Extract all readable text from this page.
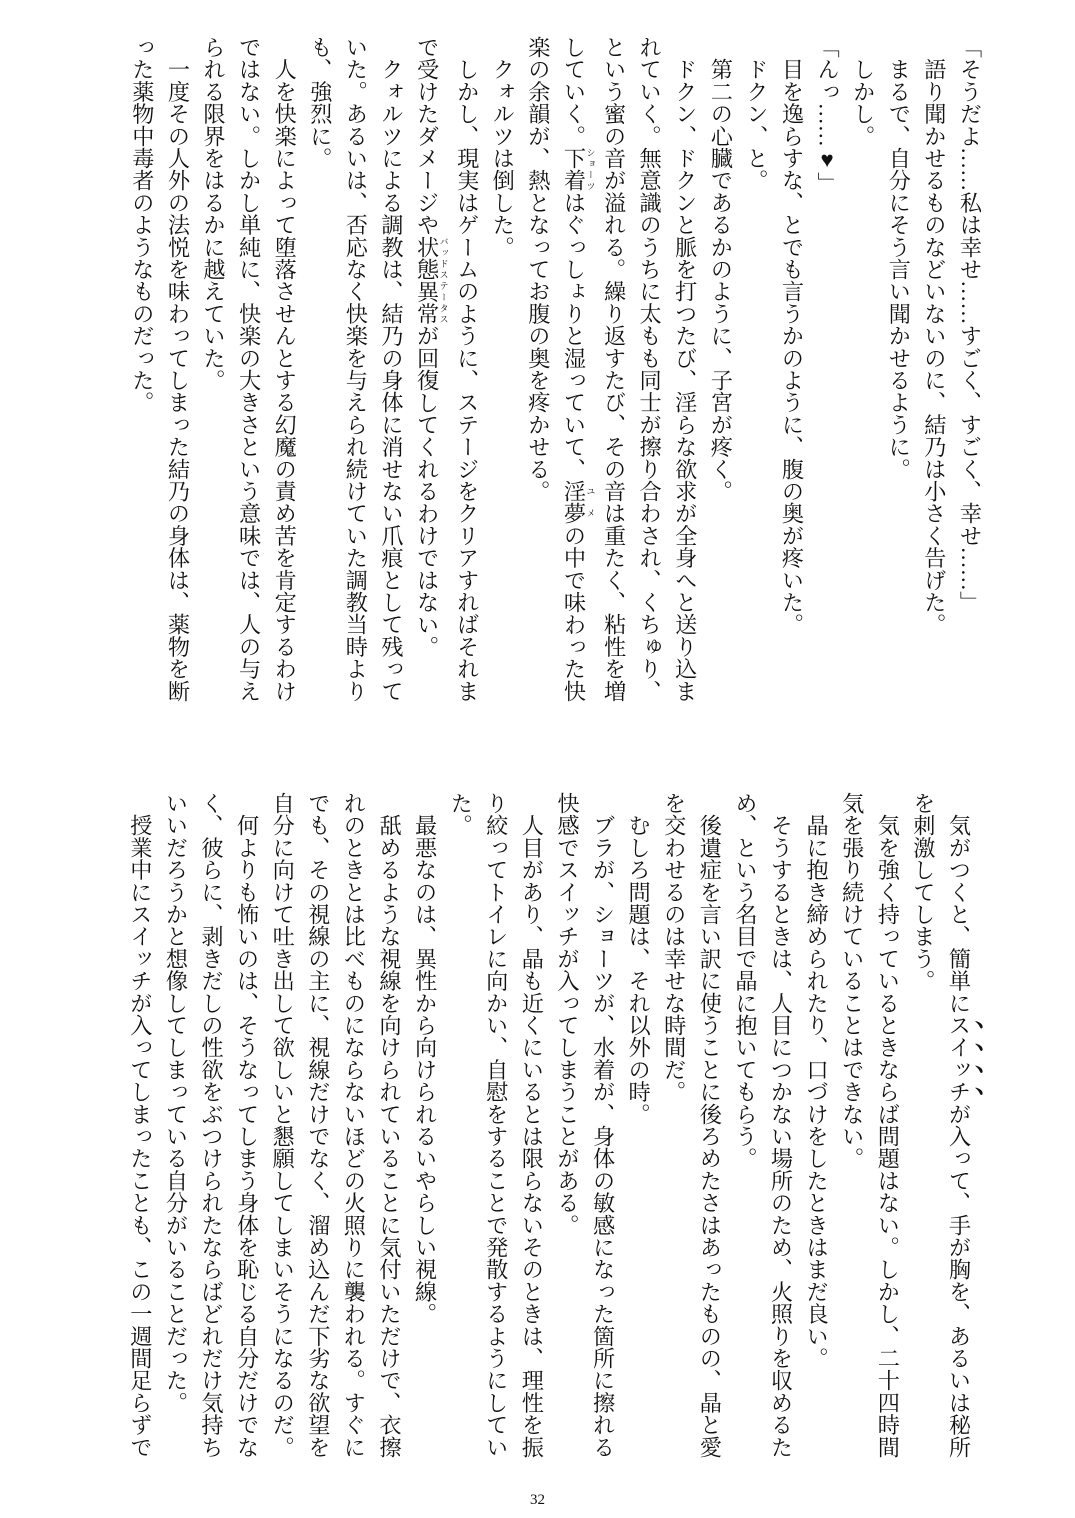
「そうだよ……私は幸せ……すごく、すごく、幸せ……」
　語り聞かせるものなどいないのに、結乃は小さく告げた。
　まるで、自分にそう言い聞かせるように。
　しかし。
「んっ……♥」
　目を逸らすな、とでも言うかのように、腹の奥が疼いた。
　ドクン、と。
　第二の心臓であるかのように、子宮が疼く。
　ドクン、ドクンと脈を打つたび、淫らな欲求が全身へと送り込ま
れていく。無意識のうちに太もも同士が擦り合わされ、くちゅり、
という蜜の音が溢れる。繰り返すたび、その音は重たく、粘性を増
していく。下着 ショーツはぐっしょりと湿っていて、淫夢 ユメの中で味わった快
楽の余韻が、熱となってお腹の奥を疼かせる。
　クォルツは倒した。
　しかし、現実はゲームのように、ステージをクリアすればそれま
で受けたダメージや状態異常 バッドステータスが回復してくれるわけではない。
　クォルツによる調教は、結乃の身体に消せない爪痕として残って
いた。あるいは、否応なく快楽を与えられ続けていた調教当時より
も、強烈に。
　人を快楽によって堕落させんとする幻魔の責め苦を肯定するわけ
ではない。しかし単純に、快楽の大きさという意味では、人の与え
られる限界をはるかに越えていた。
　一度その人外の法悦を味わってしまった結乃の身体は、薬物を断
った薬物中毒者のようなものだった。
　気がつくと、簡単にスイッチが入って、手が胸を、あるいは秘所
を刺激してしまう。
　気を強く持っているときならば問題はない。しかし、二十四時間
気を張り続けていることはできない。
　晶に抱き締められたり、口づけをしたときはまだ良い。
　そうするときは、人目につかない場所のため、火照りを収めるた
め、という名目で晶に抱いてもらう。
　後遺症を言い訳に使うことに後ろめたさはあったものの、晶と愛
を交わせるのは幸せな時間だ。
　むしろ問題は、それ以外の時。
　ブラが、ショーツが、水着が、身体の敏感になった箇所に擦れる
快感でスイッチが入ってしまうことがある。
　人目があり、晶も近くにいるとは限らないそのときは、理性を振
り絞ってトイレに向かい、自慰をすることで発散するようにしてい
た。
　最悪なのは、異性から向けられるいやらしい視線。
　舐めるような視線を向けられていることに気付いただけで、衣擦
れのときとは比べものにならないほどの火照りに襲われる。すぐに
でも、その視線の主に、視線だけでなく、溜め込んだ下劣な欲望を
自分に向けて吐き出して欲しいと懇願してしまいそうになるのだ。
　何よりも怖いのは、そうなってしまう身体を恥じる自分だけでな
く、彼らに、剥きだしの性欲をぶつけられたならばどれだけ気持ち
いいだろうかと想像してしまっている自分がいることだった。
　授業中にスイッチが入ってしまったことも、この一週間足らずで
32
